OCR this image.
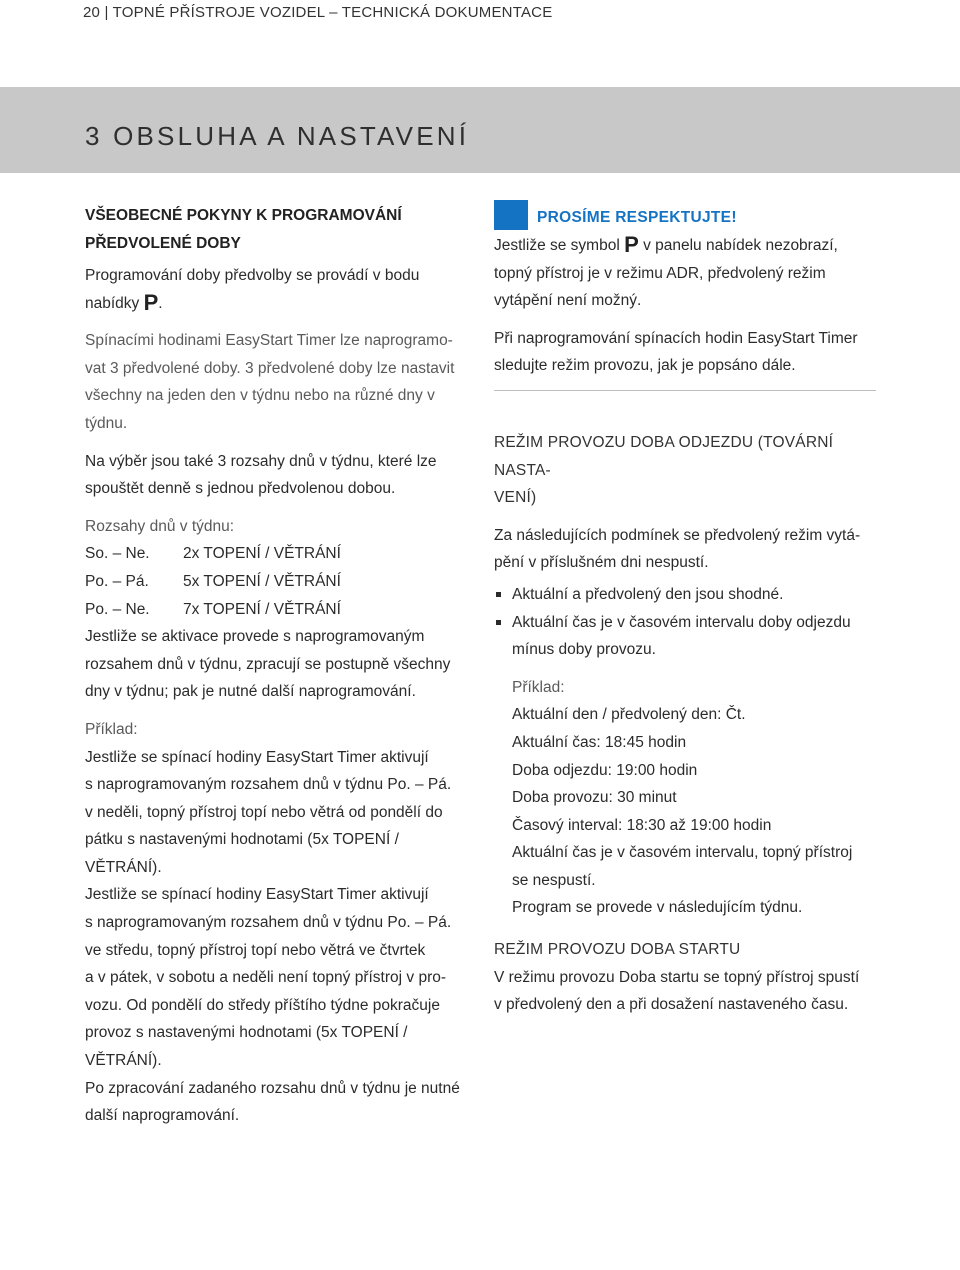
20 | TOPNÉ PŘÍSTROJE VOZIDEL – TECHNICKÁ DOKUMENTACE
3 OBSLUHA A NASTAVENÍ
VŠEOBECNÉ POKYNY K PROGRAMOVÁNÍ
PŘEDVOLENÉ DOBY

Programování doby předvolby se provádí v bodu

nabídky P.

Spínacími hodinami EasyStart Timer lze naprogramo-

vat 3 předvolené doby. 3 předvolené doby lze nastavit

všechny na jeden den v týdnu nebo na různé dny v

týdnu.

Na výběr jsou také 3 rozsahy dnů v týdnu, které lze

spouštět denně s jednou předvolenou dobou.

Rozsahy dnů v týdnu:

So. – Ne.	2x TOPENÍ / VĚTRÁNÍ
Po. – Pá.	5x TOPENÍ / VĚTRÁNÍ
Po. – Ne.	7x TOPENÍ / VĚTRÁNÍ

Jestliže se aktivace provede s naprogramovaným

rozsahem dnů v týdnu, zpracují se postupně všechny

dny v týdnu; pak je nutné další naprogramování.

Příklad:

Jestliže se spínací hodiny EasyStart Timer aktivují

s naprogramovaným rozsahem dnů v týdnu Po. – Pá.

v neděli, topný přístroj topí nebo větrá od pondělí do

pátku s nastavenými hodnotami (5x TOPENÍ /

VĚTRÁNÍ).

Jestliže se spínací hodiny EasyStart Timer aktivují

s naprogramovaným rozsahem dnů v týdnu Po. – Pá.

ve středu, topný přístroj topí nebo větrá ve čtvrtek

a v pátek, v sobotu a neděli není topný přístroj v pro-

vozu. Od pondělí do středy příštího týdne pokračuje

provoz s nastavenými hodnotami (5x TOPENÍ /

VĚTRÁNÍ).

Po zpracování zadaného rozsahu dnů v týdnu je nutné

další naprogramování.

PROSÍME RESPEKTUJTE!

Jestliže se symbol P v panelu nabídek nezobrazí,

topný přístroj je v režimu ADR, předvolený režim

vytápění není možný.

Při naprogramování spínacích hodin EasyStart Timer

sledujte režim provozu, jak je popsáno dále.

REŽIM PROVOZU DOBA ODJEZDU (TOVÁRNÍ NASTA-

VENÍ)

Za následujících podmínek se předvolený režim vytá-

pění v příslušném dni nespustí.

Aktuální a předvolený den jsou shodné.
Aktuální čas je v časovém intervalu doby odjezdu
mínus doby provozu.

Příklad:

Aktuální den / předvolený den: Čt.

Aktuální čas: 18:45 hodin

Doba odjezdu: 19:00 hodin

Doba provozu: 30 minut

Časový interval: 18:30 až 19:00 hodin

Aktuální čas je v časovém intervalu, topný přístroj

se nespustí.

Program se provede v následujícím týdnu.

REŽIM PROVOZU DOBA STARTU

V režimu provozu Doba startu se topný přístroj spustí

v předvolený den a při dosažení nastaveného času.
